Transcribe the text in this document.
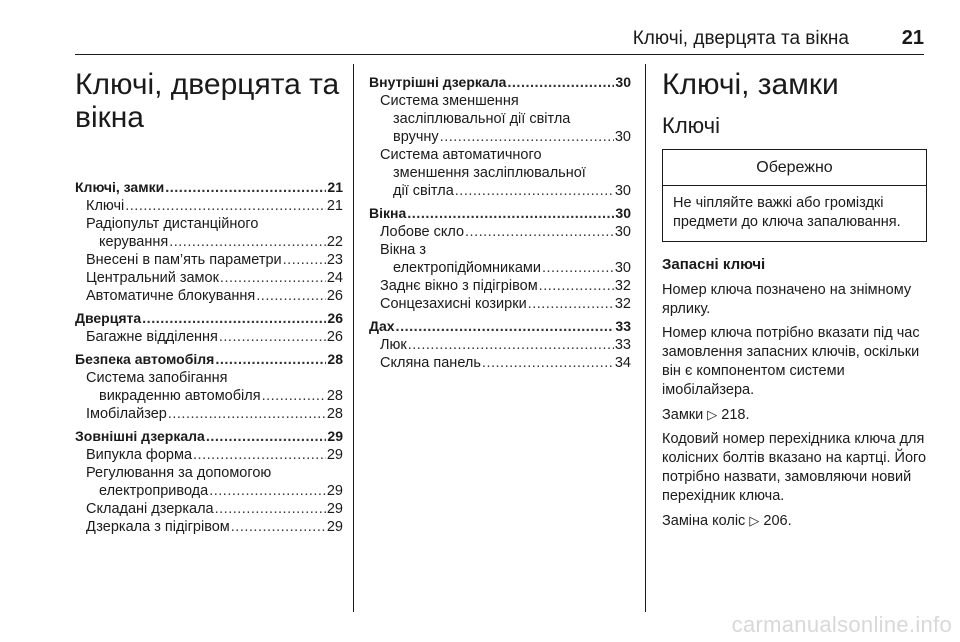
Ключі, дверцята та вікна	21
Ключі, дверцята та
вікна
Ключі, замки .....	21
Ключі .....	21
Радіопульт дистанційного
керування .....	22
Внесені в пам’ять параметри .....	23
Центральний замок .....	24
Автоматичне блокування .....	26
Дверцята .....	26
Багажне відділення .....	26
Безпека автомобіля .....	28
Система запобігання
викраденню автомобіля .....	28
Імобілайзер .....	28
Зовнішні дзеркала .....	29
Випукла форма .....	29
Регулювання за допомогою
електропривода .....	29
Складані дзеркала .....	29
Дзеркала з підігрівом .....	29
Внутрішні дзеркала .....	30
Система зменшення
засліплювальної дії світла
вручну .....	30
Система автоматичного
зменшення засліплювальної
дії світла .....	30
Вікна .....	30
Лобове скло .....	30
Вікна з
електропідйомниками .....	30
Заднє вікно з підігрівом .....	32
Сонцезахисні козирки .....	32
Дах .....	33
Люк .....	33
Скляна панель .....	34
Ключі, замки
Ключі
Обережно
Не чіпляйте важкі або громіздкі предмети до ключа запалювання.
Запасні ключі

Номер ключа позначено на знімному ярлику.

Номер ключа потрібно вказати під час замовлення запасних ключів, оскільки він є компонентом системи імобілайзера.

Замки ▷ 218.

Кодовий номер перехідника ключа для колісних болтів вказано на картці. Його потрібно назвати, замовляючи новий перехідник ключа.

Заміна коліс ▷ 206.

carmanualsonline.info
